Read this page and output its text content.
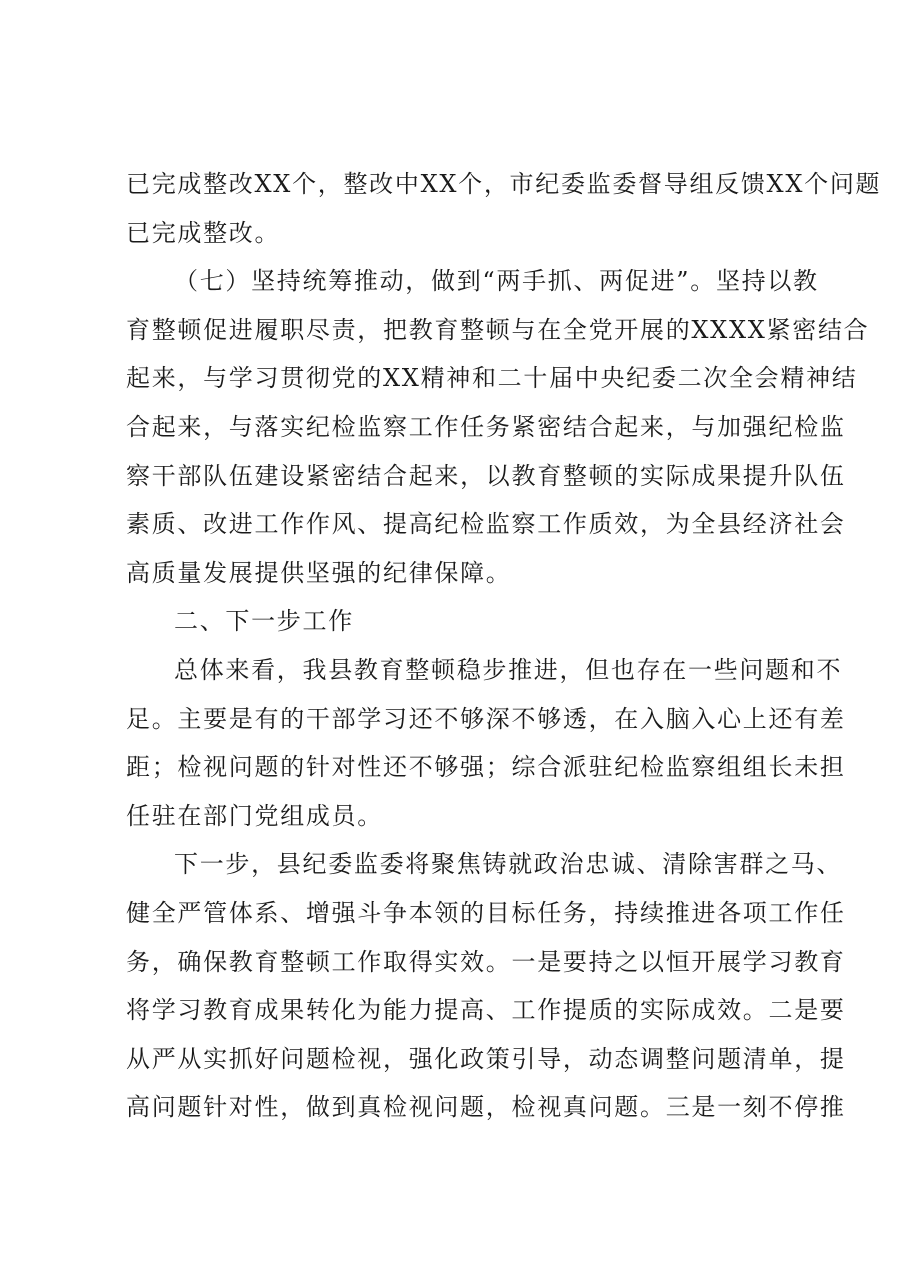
已完成整改XX个，整改中XX个，市纪委监委督导组反馈XX个问题
已完成整改。
（七）坚持统筹推动，做到“两手抓、两促进”。坚持以教
育整顿促进履职尽责，把教育整顿与在全党开展的XXXX紧密结合
起来，与学习贯彻党的XX精神和二十届中央纪委二次全会精神结
合起来，与落实纪检监察工作任务紧密结合起来，与加强纪检监
察干部队伍建设紧密结合起来，以教育整顿的实际成果提升队伍
素质、改进工作作风、提高纪检监察工作质效，为全县经济社会
高质量发展提供坚强的纪律保障。
二、下一步工作
总体来看，我县教育整顿稳步推进，但也存在一些问题和不
足。主要是有的干部学习还不够深不够透，在入脑入心上还有差
距；检视问题的针对性还不够强；综合派驻纪检监察组组长未担
任驻在部门党组成员。
下一步，县纪委监委将聚焦铸就政治忠诚、清除害群之马、
健全严管体系、增强斗争本领的目标任务，持续推进各项工作任
务，确保教育整顿工作取得实效。一是要持之以恒开展学习教育
将学习教育成果转化为能力提高、工作提质的实际成效。二是要
从严从实抓好问题检视，强化政策引导，动态调整问题清单，提
高问题针对性，做到真检视问题，检视真问题。三是一刻不停推
